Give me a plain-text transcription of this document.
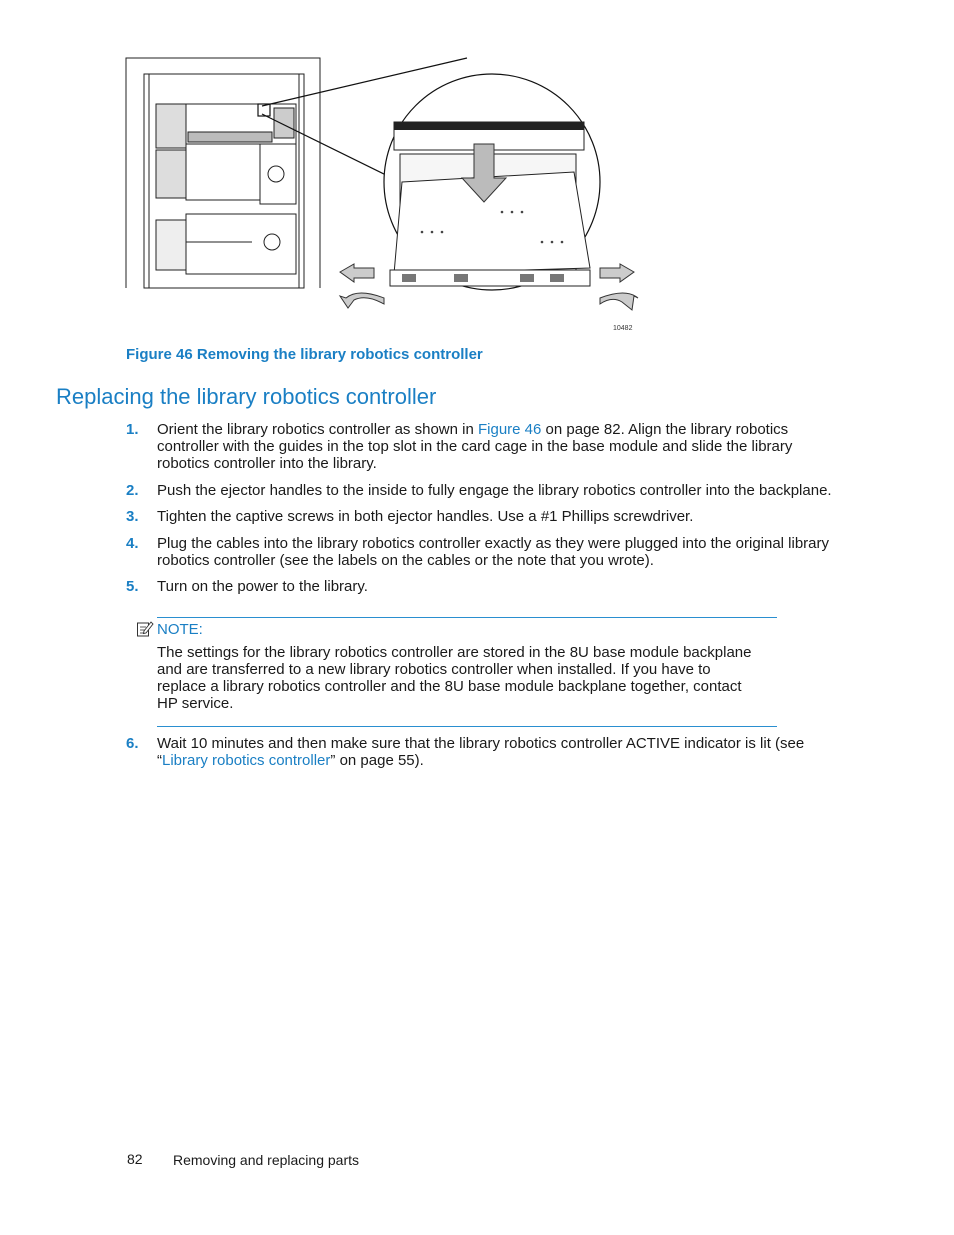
10482
Figure 46 Removing the library robotics controller
Replacing the library robotics controller
1. Orient the library robotics controller as shown in Figure 46 on page 82. Align the library robotics controller with the guides in the top slot in the card cage in the base module and slide the library robotics controller into the library.
2. Push the ejector handles to the inside to fully engage the library robotics controller into the backplane.
3. Tighten the captive screws in both ejector handles. Use a #1 Phillips screwdriver.
4. Plug the cables into the library robotics controller exactly as they were plugged into the original library robotics controller (see the labels on the cables or the note that you wrote).
5. Turn on the power to the library.
NOTE:
The settings for the library robotics controller are stored in the 8U base module backplane and are transferred to a new library robotics controller when installed. If you have to replace a library robotics controller and the 8U base module backplane together, contact HP service.
6. Wait 10 minutes and then make sure that the library robotics controller ACTIVE indicator is lit (see “Library robotics controller” on page 55).
82 Removing and replacing parts
